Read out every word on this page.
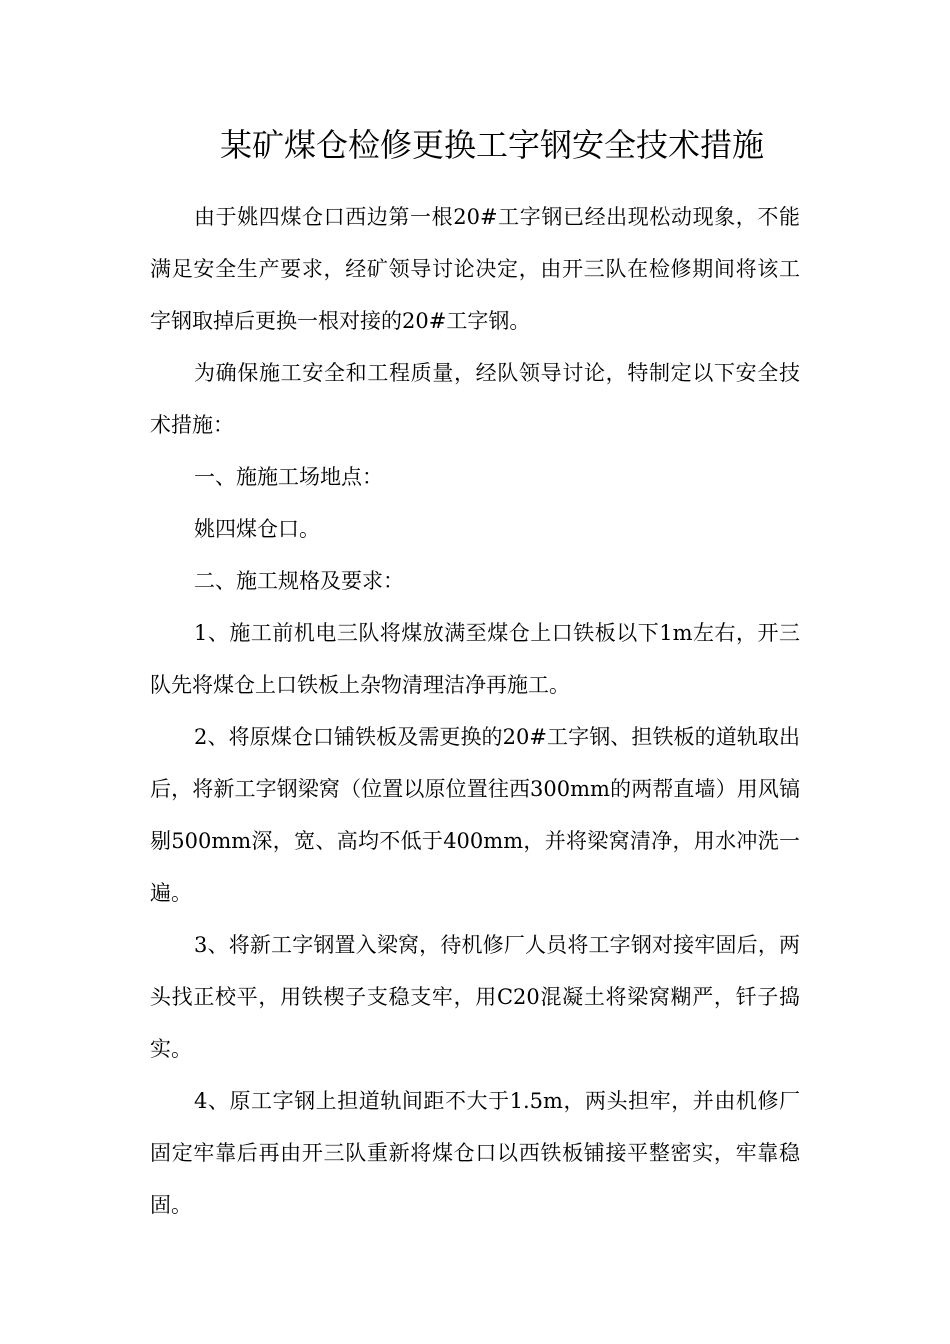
某矿煤仓检修更换工字钢安全技术措施

由于姚四煤仓口西边第一根20#工字钢已经出现松动现象，不能满足安全生产要求，经矿领导讨论决定，由开三队在检修期间将该工字钢取掉后更换一根对接的20#工字钢。

为确保施工安全和工程质量，经队领导讨论，特制定以下安全技术措施：

一、施施工场地点：

姚四煤仓口。

二、施工规格及要求：

1、施工前机电三队将煤放满至煤仓上口铁板以下1m左右，开三队先将煤仓上口铁板上杂物清理洁净再施工。

2、将原煤仓口铺铁板及需更换的20#工字钢、担铁板的道轨取出后，将新工字钢梁窝（位置以原位置往西300mm的两帮直墙）用风镐剔500mm深，宽、高均不低于400mm，并将梁窝清净，用水冲洗一遍。

3、将新工字钢置入梁窝，待机修厂人员将工字钢对接牢固后，两头找正校平，用铁楔子支稳支牢，用C20混凝土将梁窝糊严，钎子捣实。

4、原工字钢上担道轨间距不大于1.5m，两头担牢，并由机修厂固定牢靠后再由开三队重新将煤仓口以西铁板铺接平整密实，牢靠稳固。
